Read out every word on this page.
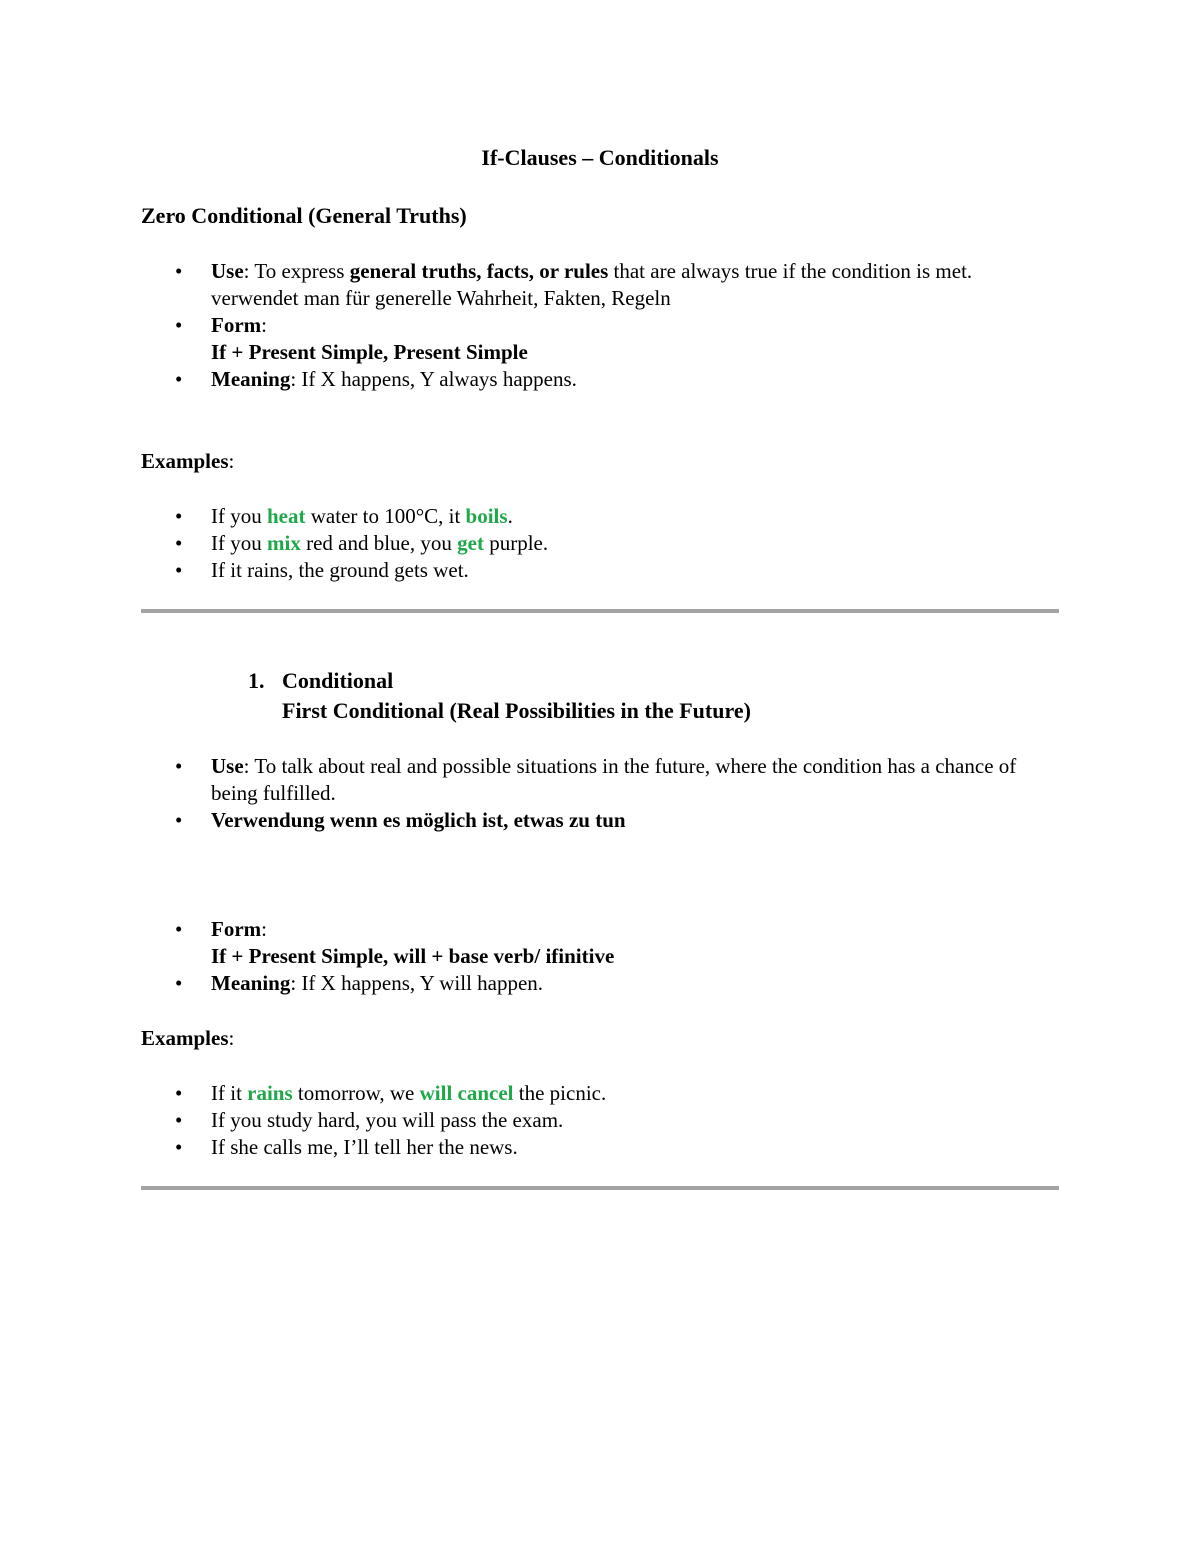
If-Clauses – Conditionals
Zero Conditional (General Truths)
• Use: To express general truths, facts, or rules that are always true if the condition is met.
verwendet man für generelle Wahrheit, Fakten, Regeln
• Form:
If + Present Simple, Present Simple
• Meaning: If X happens, Y always happens.
Examples:
• If you heat water to 100°C, it boils.
• If you mix red and blue, you get purple.
• If it rains, the ground gets wet.
1. Conditional
First Conditional (Real Possibilities in the Future)
• Use: To talk about real and possible situations in the future, where the condition has a chance of being fulfilled.
• Verwendung wenn es möglich ist, etwas zu tun
• Form:
If + Present Simple, will + base verb/ ifinitive
• Meaning: If X happens, Y will happen.
Examples:
• If it rains tomorrow, we will cancel the picnic.
• If you study hard, you will pass the exam.
• If she calls me, I’ll tell her the news.
